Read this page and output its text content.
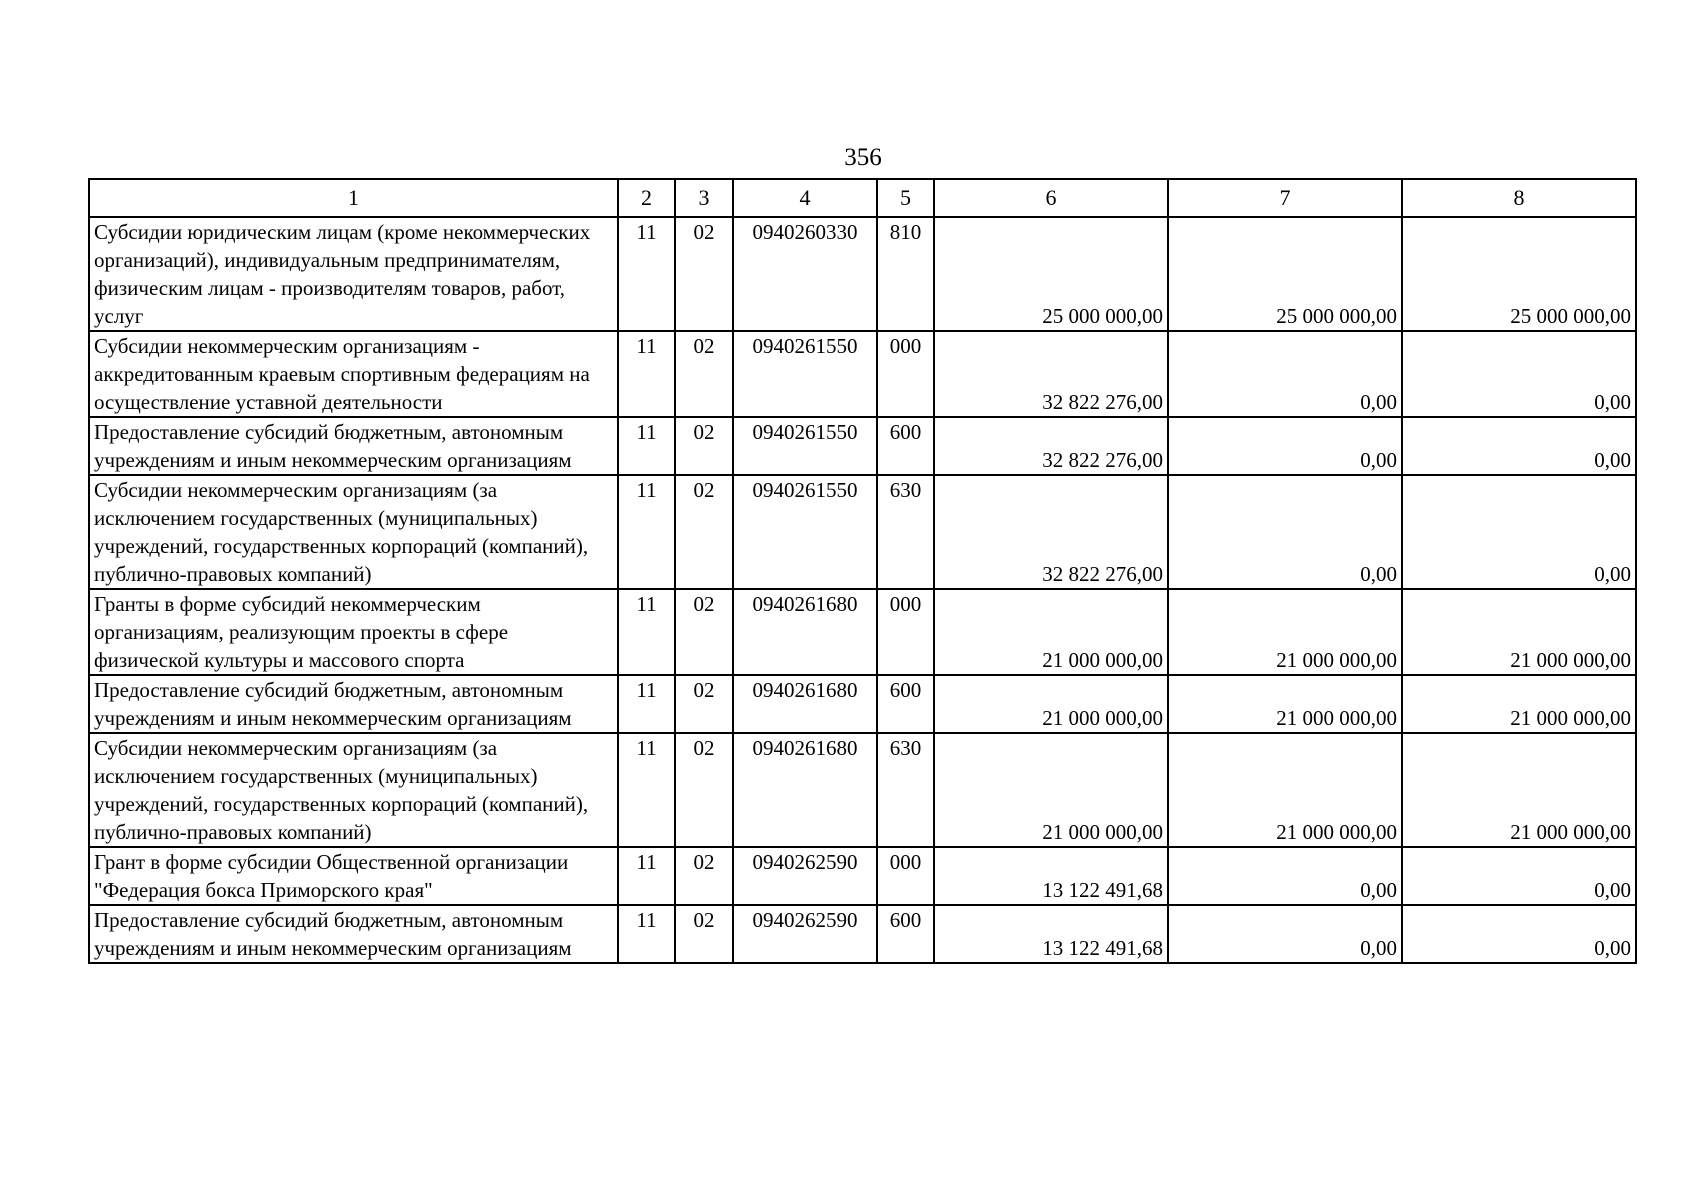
356
1	2	3	4	5	6	7	8
Субсидии юридическим лицам (кроме некоммерческих организаций), индивидуальным предпринимателям, физическим лицам - производителям товаров, работ, услуг	11	02	0940260330	810	25 000 000,00	25 000 000,00	25 000 000,00
Субсидии некоммерческим организациям - аккредитованным краевым спортивным федерациям на осуществление уставной деятельности	11	02	0940261550	000	32 822 276,00	0,00	0,00
Предоставление субсидий бюджетным, автономным учреждениям и иным некоммерческим организациям	11	02	0940261550	600	32 822 276,00	0,00	0,00
Субсидии некоммерческим организациям (за исключением государственных (муниципальных) учреждений, государственных корпораций (компаний), публично-правовых компаний)	11	02	0940261550	630	32 822 276,00	0,00	0,00
Гранты в форме субсидий некоммерческим организациям, реализующим проекты в сфере физической культуры и массового спорта	11	02	0940261680	000	21 000 000,00	21 000 000,00	21 000 000,00
Предоставление субсидий бюджетным, автономным учреждениям и иным некоммерческим организациям	11	02	0940261680	600	21 000 000,00	21 000 000,00	21 000 000,00
Субсидии некоммерческим организациям (за исключением государственных (муниципальных) учреждений, государственных корпораций (компаний), публично-правовых компаний)	11	02	0940261680	630	21 000 000,00	21 000 000,00	21 000 000,00
Грант в форме субсидии Общественной организации "Федерация бокса Приморского края"	11	02	0940262590	000	13 122 491,68	0,00	0,00
Предоставление субсидий бюджетным, автономным учреждениям и иным некоммерческим организациям	11	02	0940262590	600	13 122 491,68	0,00	0,00
